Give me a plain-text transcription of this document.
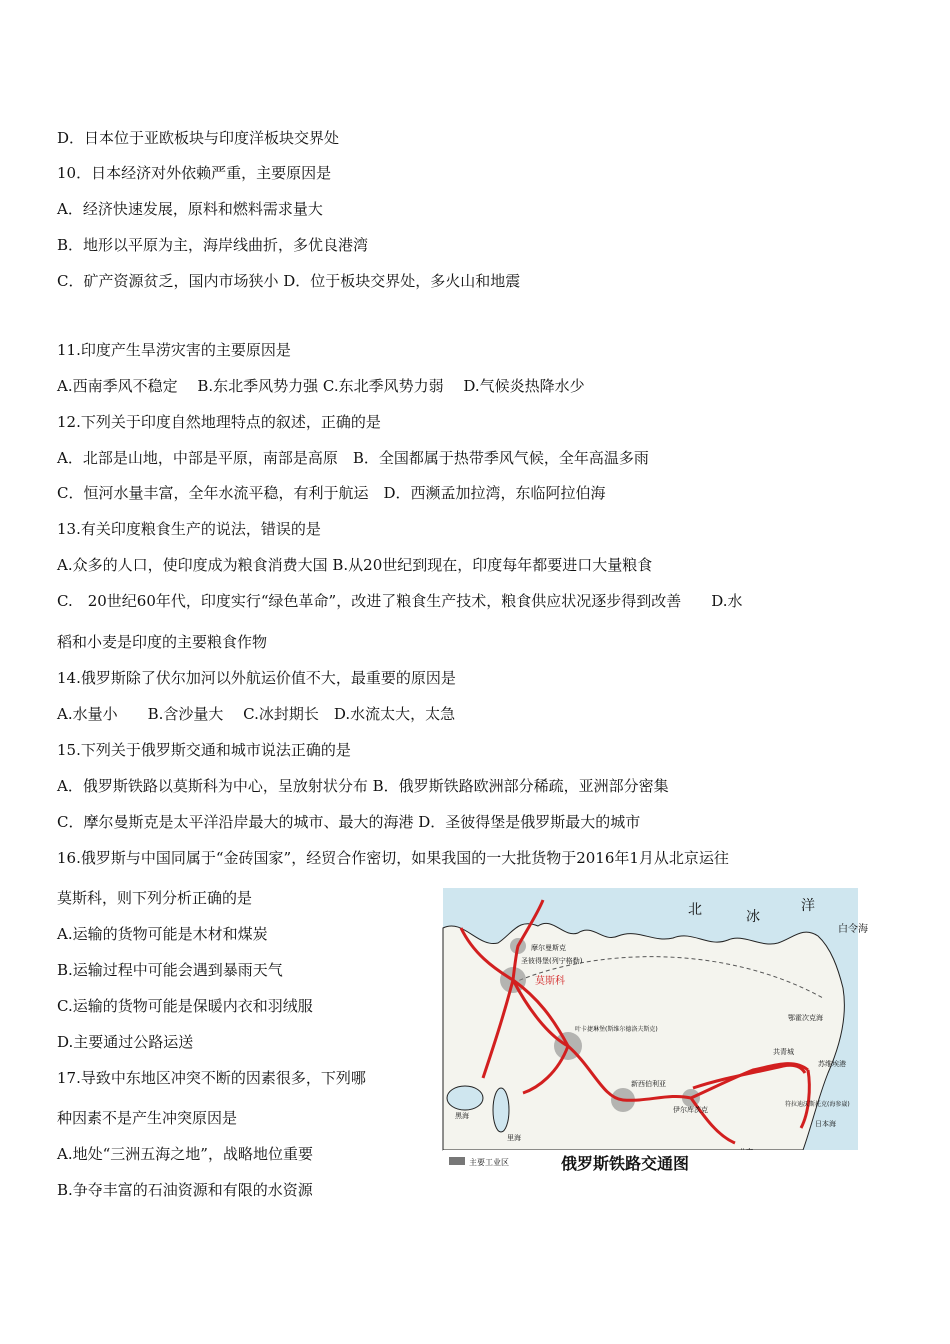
D．日本位于亚欧板块与印度洋板块交界处
10．日本经济对外依赖严重，主要原因是
A．经济快速发展，原料和燃料需求量大
B．地形以平原为主，海岸线曲折，多优良港湾
C．矿产资源贫乏，国内市场狭小 D．位于板块交界处，多火山和地震
11.印度产生旱涝灾害的主要原因是
A.西南季风不稳定　 B.东北季风势力强 C.东北季风势力弱　 D.气候炎热降水少
12.下列关于印度自然地理特点的叙述，正确的是
A．北部是山地，中部是平原，南部是高原　B．全国都属于热带季风气候，全年高温多雨
C．恒河水量丰富，全年水流平稳，有利于航运　D．西濒孟加拉湾，东临阿拉伯海
13.有关印度粮食生产的说法，错误的是
A.众多的人口，使印度成为粮食消费大国 B.从20世纪到现在，印度每年都要进口大量粮食
C.　20世纪60年代，印度实行“绿色革命”，改进了粮食生产技术，粮食供应状况逐步得到改善　　D.水
稻和小麦是印度的主要粮食作物
14.俄罗斯除了伏尔加河以外航运价值不大，最重要的原因是
A.水量小　　B.含沙量大　 C.冰封期长　D.水流太大，太急
15.下列关于俄罗斯交通和城市说法正确的是
A．俄罗斯铁路以莫斯科为中心，呈放射状分布 B．俄罗斯铁路欧洲部分稀疏，亚洲部分密集
C．摩尔曼斯克是太平洋沿岸最大的城市、最大的海港 D．圣彼得堡是俄罗斯最大的城市
16.俄罗斯与中国同属于“金砖国家”，经贸合作密切，如果我国的一大批货物于2016年1月从北京运往
莫斯科，则下列分析正确的是
A.运输的货物可能是木材和煤炭
B.运输过程中可能会遇到暴雨天气
C.运输的货物可能是保暖内衣和羽绒服
D.主要通过公路运送
17.导致中东地区冲突不断的因素很多，下列哪
种因素不是产生冲突原因是
A.地处“三洲五海之地”，战略地位重要
B.争夺丰富的石油资源和有限的水资源
北	冰
洋
白令海
摩尔曼斯克
圣彼得堡(列宁格勒)
莫斯科
叶卡捷琳堡(斯维尔德洛夫斯克)
新西伯利亚
伊尔库茨克
共青城
苏维埃港
符拉迪沃斯托克(海参崴)
日本海
鄂霍次克海
黑海
里海
主要工业区	俄罗斯铁路交通图
